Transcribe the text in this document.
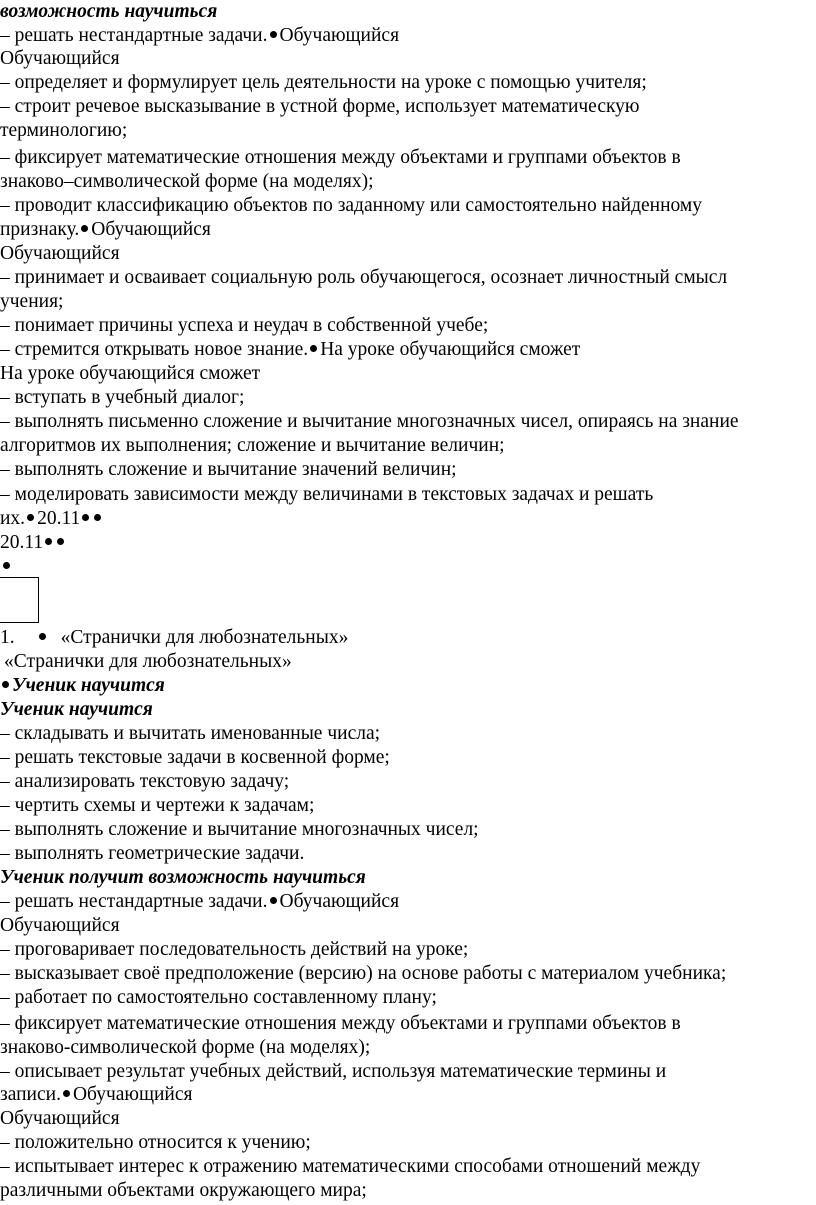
возможность научиться
– решать нестандартные задачи. Обучающийся
Обучающийся
– определяет и формулирует цель деятельности на уроке с помощью учителя;
– строит речевое высказывание в устной форме, использует математическую
терминологию;
– фиксирует математические отношения между объектами и группами объектов в
знаково–символической форме (на моделях);
– проводит классификацию объектов по заданному или самостоятельно найденному
признаку. Обучающийся
Обучающийся
– принимает и осваивает социальную роль обучающегося, осознает личностный смысл
учения;
– понимает причины успеха и неудач в собственной учебе;
– стремится открывать новое знание. На уроке обучающийся сможет
На уроке обучающийся сможет
– вступать в учебный диалог;
– выполнять письменно сложение и вычитание многозначных чисел, опираясь на знание
алгоритмов их выполнения; сложение и вычитание величин;
– выполнять сложение и вычитание значений величин;
– моделировать зависимости между величинами в текстовых задачах и решать
их. 20.11
20.11
1. «Странички для любознательных»
«Странички для любознательных»
Ученик научится
Ученик научится
– складывать и вычитать именованные числа;
– решать текстовые задачи в косвенной форме;
– анализировать текстовую задачу;
– чертить схемы и чертежи к задачам;
– выполнять сложение и вычитание многозначных чисел;
– выполнять геометрические задачи.
Ученик получит возможность научиться
– решать нестандартные задачи. Обучающийся
Обучающийся
– проговаривает последовательность действий на уроке;
– высказывает своё предположение (версию) на основе работы с материалом учебника;
– работает по самостоятельно составленному плану;
– фиксирует математические отношения между объектами и группами объектов в
знаково-символической форме (на моделях);
– описывает результат учебных действий, используя математические термины и
записи. Обучающийся
Обучающийся
– положительно относится к учению;
– испытывает интерес к отражению математическими способами отношений между
различными объектами окружающего мира;
